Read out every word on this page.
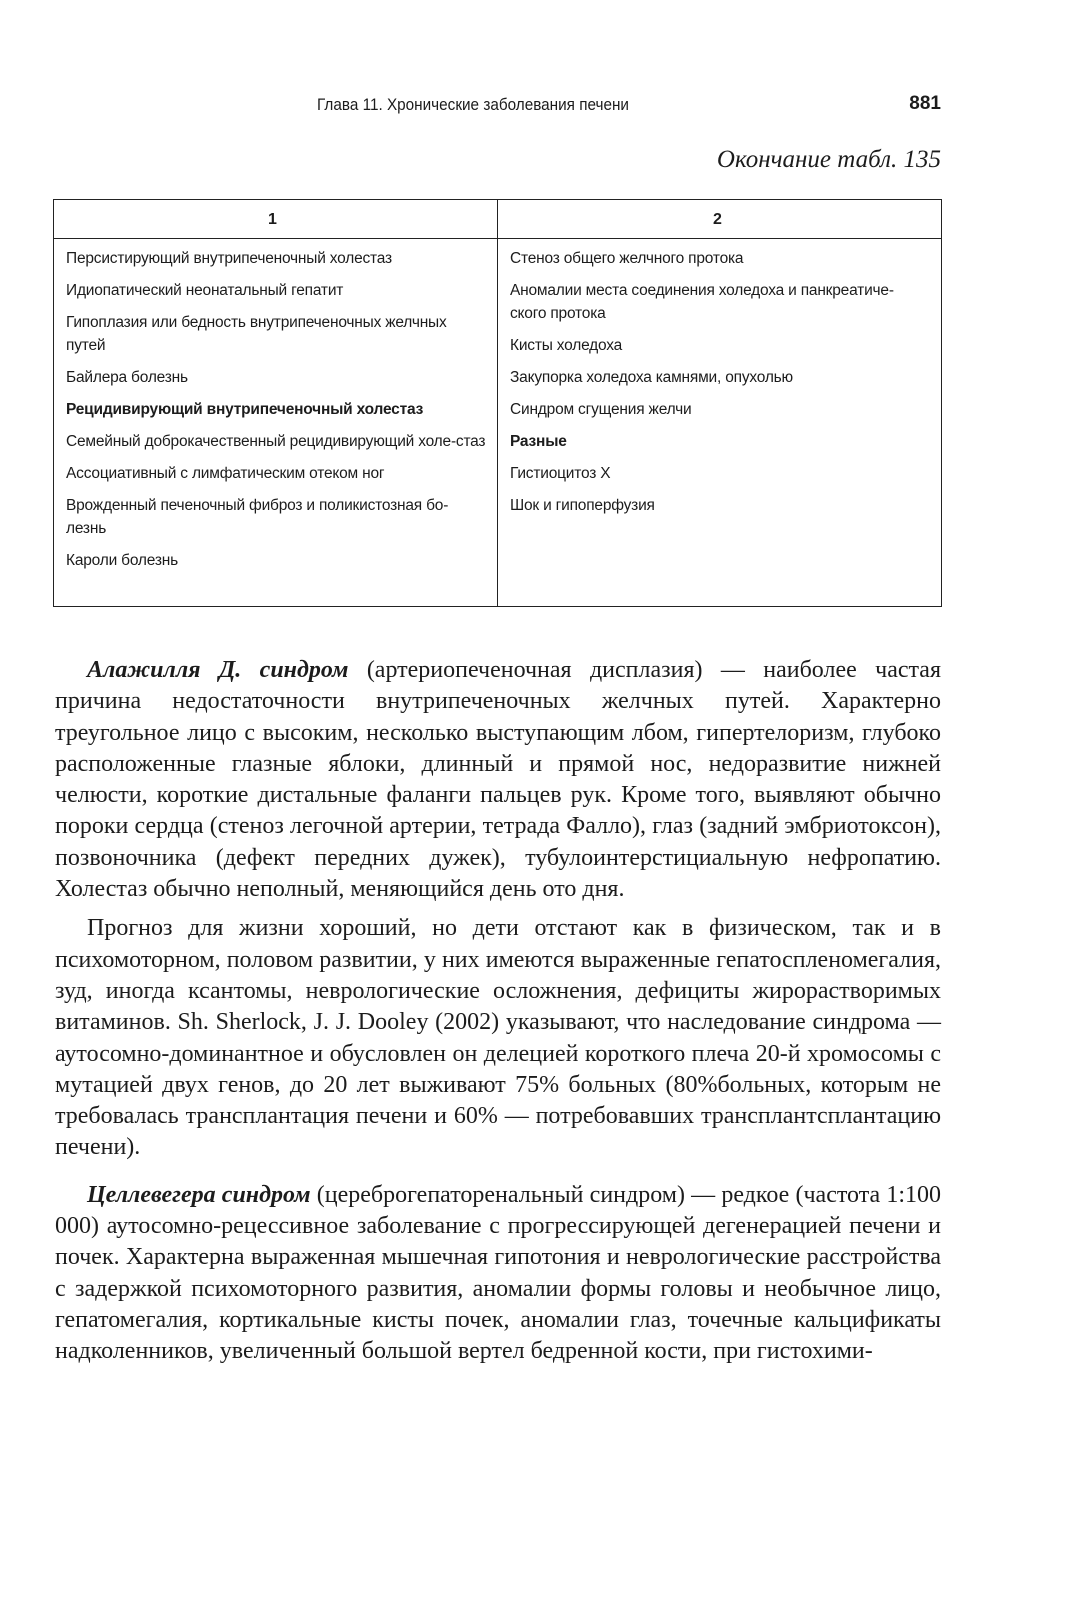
Глава 11. Хронические заболевания печени	881
Окончание табл. 135
1	2
Персистирующий внутрипеченочный холестаз
Идиопатический неонатальный гепатит
Гипоплазия или бедность внутрипеченочных желчных путей
Байлера болезнь
Рецидивирующий внутрипеченочный холестаз
Семейный доброкачественный рецидивирующий холе-стаз
Ассоциативный с лимфатическим отеком ног
Врожденный печеночный фиброз и поликистозная бо-лезнь
Кароли болезнь
Стеноз общего желчного протока
Аномалии места соединения холедоха и панкреатиче-ского протока
Кисты холедоха
Закупорка холедоха камнями, опухолью
Синдром сгущения желчи
Разные
Гистиоцитоз X
Шок и гипоперфузия

Алажилля Д. синдром (артериопеченочная дисплазия) — наиболее частая причина недостаточности внутрипеченочных желчных путей. Характерно треугольное лицо с высоким, несколько выступающим лбом, гипертелоризм, глубоко расположенные глазные яблоки, длинный и прямой нос, недоразвитие нижней челюсти, короткие дистальные фаланги пальцев рук. Кроме того, выявляют обычно пороки сердца (стеноз легочной артерии, тетрада Фалло), глаз (задний эмбриотоксон), позвоночника (дефект передних дужек), тубулоинтерстициальную нефропатию. Холестаз обычно неполный, меняющийся день ото дня.

Прогноз для жизни хороший, но дети отстают как в физическом, так и в психомоторном, половом развитии, у них имеются выраженные гепатоспленомегалия, зуд, иногда ксантомы, неврологические осложнения, дефициты жирорастворимых витаминов. Sh. Sherlock, J. J. Dooley (2002) указывают, что наследование синдрома — аутосомно-доминантное и обусловлен он делецией короткого плеча 20-й хромосомы с мутацией двух генов, до 20 лет выживают 75% больных (80%больных, которым не требовалась трансплантация печени и 60% — потребовавших трансплантсплантацию печени).

Целлевегера синдром (цереброгепаторенальный синдром) — редкое (частота 1:100 000) аутосомно-рецессивное заболевание с прогрессирующей дегенерацией печени и почек. Характерна выраженная мышечная гипотония и неврологические расстройства с задержкой психомоторного развития, аномалии формы головы и необычное лицо, гепатомегалия, кортикальные кисты почек, аномалии глаз, точечные кальцификаты надколенников, увеличенный большой вертел бедренной кости, при гистохими-
